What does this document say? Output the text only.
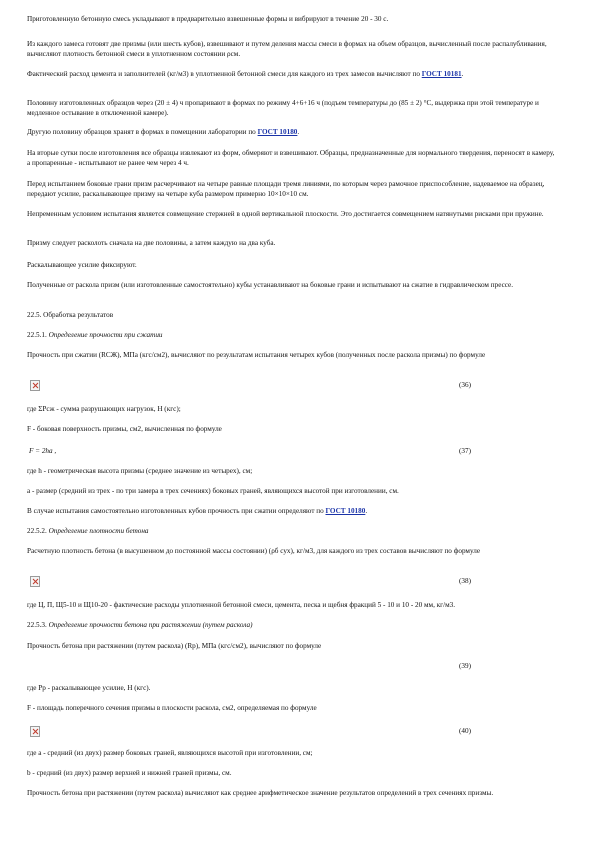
Приготовленную бетонную смесь укладывают в предварительно взвешенные формы и вибрируют в течение 20 - 30 с.

Из каждого замеса готовят две призмы (или шесть кубов), взвешивают и путем деления массы смеси в формах на объем образцов, вычисленный после распалубливания, вычисляют плотность бетонной смеси в уплотненном состоянии ρсм.

Фактический расход цемента и заполнителей (кг/м3) в уплотненной бетонной смеси для каждого из трех замесов вычисляют по ГОСТ 10181.

Половину изготовленных образцов через (20 ± 4) ч пропаривают в формах по режиму 4+6+16 ч (подъем температуры до (85 ± 2) °С, выдержка при этой температуре и медленное остывание в отключенной камере).

Другую половину образцов хранят в формах в помещении лаборатории по ГОСТ 10180.

На вторые сутки после изготовления все образцы извлекают из форм, обмеряют и взвешивают. Образцы, предназначенные для нормального твердения, переносят в камеру, а пропаренные - испытывают не ранее чем через 4 ч.

Перед испытанием боковые грани призм расчерчивают на четыре равные площади тремя линиями, по которым через рамочное приспособление, надеваемое на образец, передают усилие, раскалывающее призму на четыре куба размером примерно 10×10×10 см.

Непременным условием испытания является совмещение стержней в одной вертикальной плоскости. Это достигается совмещением натянутыми рисками при пружине.

Призму следует расколоть сначала на две половины, а затем каждую на два куба.

Раскалывающее усилие фиксируют.

Полученные от раскола призм (или изготовленные самостоятельно) кубы устанавливают на боковые грани и испытывают на сжатие в гидравлическом прессе.

22.5. Обработка результатов

22.5.1. Определение прочности при сжатии

Прочность при сжатии (RСЖ), МПа (кгс/см2), вычисляют по результатам испытания четырех кубов (полученных после раскола призмы) по формуле

(36)

где ΣРсж - сумма разрушающих нагрузок, Н (кгс);

F - боковая поверхность призмы, см2, вычисленная по формуле

F = 2ha ,	(37)

где h - геометрическая высота призмы (среднее значение из четырех), см;

a - размер (средний из трех - по три замера в трех сечениях) боковых граней, являющихся высотой при изготовлении, см.

В случае испытания самостоятельно изготовленных кубов прочность при сжатии определяют по ГОСТ 10180.

22.5.2. Определение плотности бетона

Расчетную плотность бетона (в высушенном до постоянной массы состоянии) (ρб сух), кг/м3, для каждого из трех составов вычисляют по формуле

(38)

где Ц, П, Щ5-10 и Щ10-20 - фактические расходы уплотненной бетонной смеси, цемента, песка и щебня фракций 5 - 10 и 10 - 20 мм, кг/м3.

22.5.3. Определение прочности бетона при растяжении (путем раскола)

Прочность бетона при растяжении (путем раскола) (Rр), МПа (кгс/см2), вычисляют по формуле

(39)

где Pр - раскалывающее усилие, Н (кгс).

F - площадь поперечного сечения призмы в плоскости раскола, см2, определяемая по формуле

(40)

где a - средний (из двух) размер боковых граней, являющихся высотой при изготовлении, см;

b - средний (из двух) размер верхней и нижней граней призмы, см.

Прочность бетона при растяжении (путем раскола) вычисляют как среднее арифметическое значение результатов определений в трех сечениях призмы.
